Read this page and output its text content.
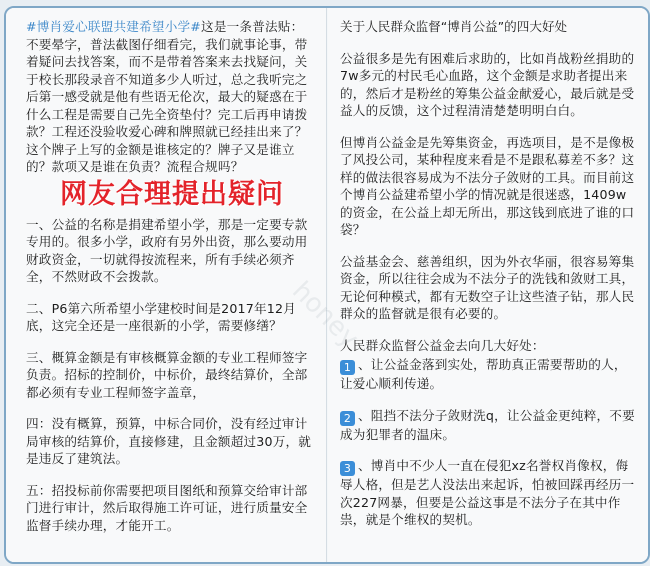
#博肖爱心联盟共建希望小学#这是一条普法贴：不要晕字，普法截图仔细看完，我们就事论事，带着疑问去找答案，而不是带着答案来去找疑问，关于校长那段录音不知道多少人听过，总之我听完之后第一感受就是他有些语无伦次，最大的疑惑在于什么工程是需要自己先全资垫付？完工后再申请拨款？工程还没验收爱心碑和牌照就已经挂出来了？这个牌子上写的金额是谁核定的？牌子又是谁立的？款项又是谁在负责？流程合规吗？

一、公益的名称是捐建希望小学，那是一定要专款专用的。很多小学，政府有另外出资，那么要动用财政资金，一切就得按流程来，所有手续必须齐全，不然财政不会拨款。

二、P6第六所希望小学建校时间是2017年12月底，这完全还是一座很新的小学，需要修缮？

三、概算金额是有审核概算金额的专业工程师签字负责。招标的控制价，中标价，最终结算价，全部都必须有专业工程师签字盖章，

四：没有概算，预算，中标合同价，没有经过审计局审核的结算价，直接修建，且金额超过30万，就是违反了建筑法。

五：招投标前你需要把项目图纸和预算交给审计部门进行审计，然后取得施工许可证，进行质量安全监督手续办理，才能开工。

关于人民群众监督“博肖公益”的四大好处

公益很多是先有困难后求助的，比如肖战粉丝捐助的7w多元的村民毛心血路，这个金额是求助者提出来的，然后才是粉丝的筹集公益金献爱心，最后就是受益人的反馈，这个过程清清楚楚明明白白。

但博肖公益金是先筹集资金，再选项目，是不是像极了风投公司，某种程度来看是不是跟私募差不多？这样的做法很容易成为不法分子敛财的工具。而目前这个博肖公益建希望小学的情况就是很迷惑，1409w的资金，在公益上却无所出，那这钱到底进了谁的口袋？

公益基金会、慈善组织，因为外衣华丽，很容易筹集资金，所以往往会成为不法分子的洗钱和敛财工具，无论何种模式，都有无数空子让这些渣子钻，那人民群众的监督就是很有必要的。

人民群众监督公益金去向几大好处：

1 、让公益金落到实处，帮助真正需要帮助的人，让爱心顺利传递。

2 、阻挡不法分子敛财洗q，让公益金更纯粹，不要成为犯罪者的温床。

3 、博肖中不少人一直在侵犯xz名誉权肖像权，侮辱人格，但是艺人没法出来起诉，怕被回踩再经历一次227网暴，但要是公益这事是不法分子在其中作祟，就是个维权的契机。

网友合理提出疑问
honey
